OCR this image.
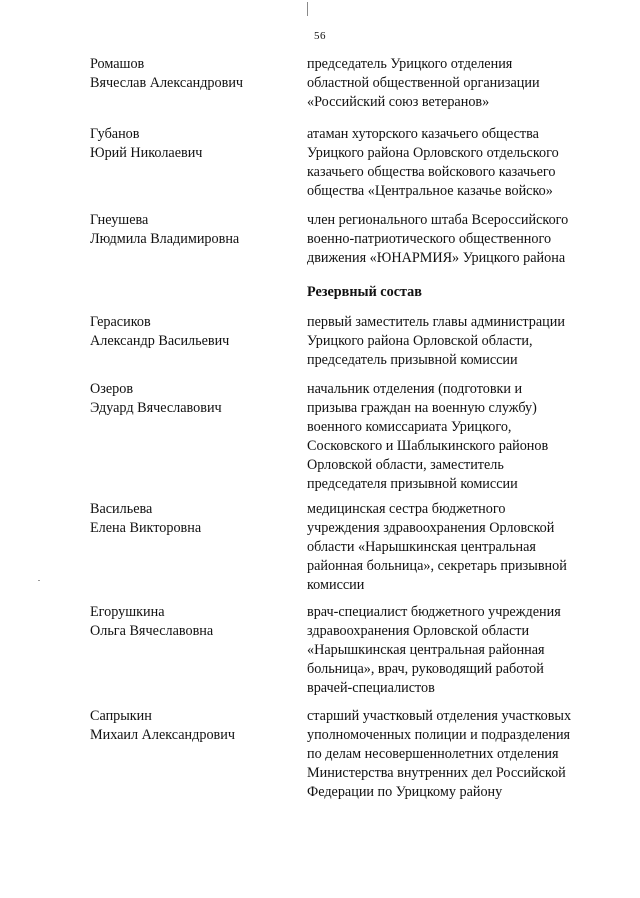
56
Ромашов
Вячеслав Александрович
председатель Урицкого отделения
областной общественной организации
«Российский союз ветеранов»
Губанов
Юрий Николаевич
атаман хуторского казачьего общества
Урицкого района Орловского отдельского
казачьего общества войскового казачьего
общества «Центральное казачье войско»
Гнеушева
Людмила Владимировна
член регионального штаба Всероссийского
военно-патриотического общественного
движения «ЮНАРМИЯ» Урицкого района
Резервный состав
Герасиков
Александр Васильевич
первый заместитель главы администрации
Урицкого района Орловской области,
председатель призывной комиссии
Озеров
Эдуард Вячеславович
начальник отделения (подготовки и
призыва граждан на военную службу)
военного комиссариата Урицкого,
Сосковского и Шаблыкинского районов
Орловской области, заместитель
председателя призывной комиссии
Васильева
Елена Викторовна
медицинская сестра бюджетного
учреждения здравоохранения Орловской
области «Нарышкинская центральная
районная больница», секретарь призывной
комиссии
Егорушкина
Ольга Вячеславовна
врач-специалист бюджетного учреждения
здравоохранения Орловской области
«Нарышкинская центральная районная
больница», врач, руководящий работой
врачей-специалистов
Сапрыкин
Михаил Александрович
старший участковый отделения участковых
уполномоченных полиции и подразделения
по делам несовершеннолетних отделения
Министерства внутренних дел Российской
Федерации по Урицкому району
